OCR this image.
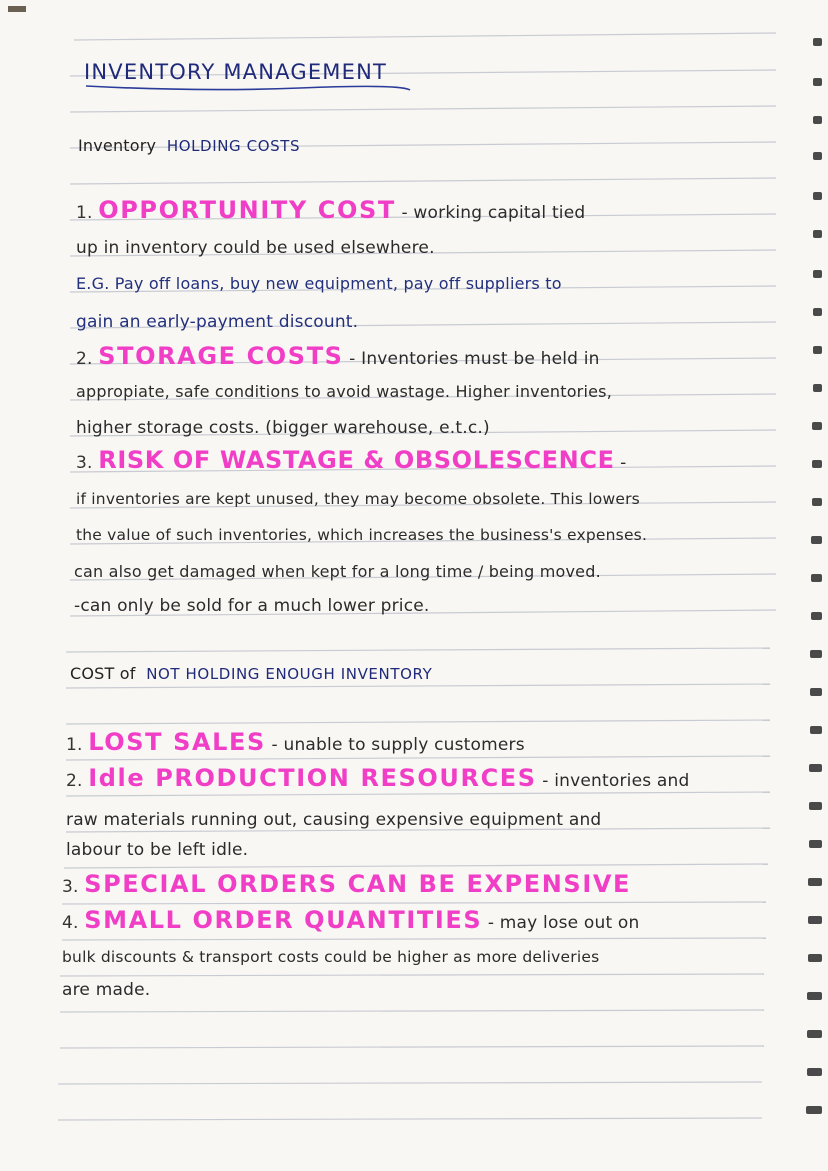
INVENTORY MANAGEMENT
Inventory HOLDING COSTS
1. OPPORTUNITY COST - working capital tied
up in inventory could be used elsewhere.
E.G. Pay off loans, buy new equipment, pay off suppliers to
gain an early-payment discount.
2. STORAGE COSTS - Inventories must be held in
appropiate, safe conditions to avoid wastage. Higher inventories,
higher storage costs. (bigger warehouse, e.t.c.)
3. RISK OF WASTAGE & OBSOLESCENCE -
if inventories are kept unused, they may become obsolete. This lowers
the value of such inventories, which increases the business's expenses.
can also get damaged when kept for a long time / being moved.
-can only be sold for a much lower price.
COST of NOT HOLDING ENOUGH INVENTORY
1. LOST SALES - unable to supply customers
2. Idle PRODUCTION RESOURCES - inventories and
raw materials running out, causing expensive equipment and
labour to be left idle.
3. SPECIAL ORDERS CAN BE EXPENSIVE
4. SMALL ORDER QUANTITIES - may lose out on
bulk discounts & transport costs could be higher as more deliveries
are made.
